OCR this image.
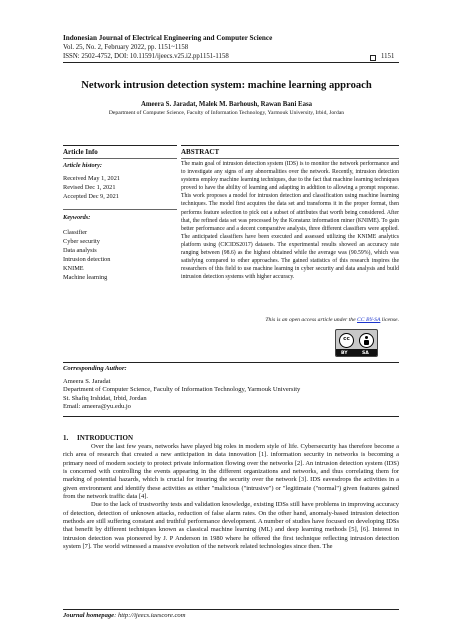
Indonesian Journal of Electrical Engineering and Computer Science
Vol. 25, No. 2, February 2022, pp. 1151~1158
ISSN: 2502-4752, DOI: 10.11591/ijeecs.v25.i2.pp1151-1158	1151
Network intrusion detection system: machine learning approach
Ameera S. Jaradat, Malek M. Barhoush, Rawan Bani Easa
Department of Computer Science, Faculty of Information Technology, Yarmouk University, Irbid, Jordan
Article Info
Article history:
Received May 1, 2021
Revised Dec 1, 2021
Accepted Dec 9, 2021
Keywords:
Classifier
Cyber security
Data analysis
Intrusion detection
KNIME
Machine learning
ABSTRACT
The main goal of intrusion detection system (IDS) is to monitor the network performance and to investigate any signs of any abnormalities over the network. Recently, intrusion detection systems employ machine learning techniques, due to the fact that machine learning techniques proved to have the ability of learning and adapting in addition to allowing a prompt response. This work proposes a model for intrusion detection and classification using machine learning techniques. The model first acquires the data set and transforms it in the proper format, then performs feature selection to pick out a subset of attributes that worth being considered. After that, the refined data set was processed by the Konstanz information miner (KNIME). To gain better performance and a decent comparative analysis, three different classifiers were applied. The anticipated classifiers have been executed and assessed utilizing the KNIME analytics platform using (CICIDS2017) datasets. The experimental results showed an accuracy rate ranging between (98.6) as the highest obtained while the average was (90.59%), which was satisfying compared to other approaches. The gained statistics of this research inspires the researchers of this field to use machine learning in cyber security and data analysis and build intrusion detection systems with higher accuracy.
This is an open access article under the CC BY-SA license.
cc
BY	SA
Corresponding Author:
Ameera S. Jaradat
Department of Computer Science, Faculty of Information Technology, Yarmouk University
St. Shafiq Irshidat, Irbid, Jordan
Email: ameera@yu.edu.jo
1.     INTRODUCTION

Over the last few years, networks have played big roles in modern style of life. Cybersecurity has therefore become a rich area of research that created a new anticipation in data innovation [1]. information security in networks is becoming a primary need of modern society to protect private information flowing over the networks [2]. An intrusion detection system (IDS) is concerned with controlling the events appearing in the different organizations and networks, and thus correlating them for marking of potential hazards, which is crucial for insuring the security over the network [3]. IDS eavesdrops the activities in a given environment and identify these activities as either "malicious ("intrusive") or "legitimate ("normal") given features gained from the network traffic data [4].

Due to the lack of trustworthy tests and validation knowledge, existing IDSs still have problems in improving accuracy of detection, detection of unknown attacks, reduction of false alarm rates. On the other hand, anomaly-based intrusion detection methods are still suffering constant and truthful performance development. A number of studies have focused on developing IDSs that benefit by different techniques known as classical machine learning (ML) and deep learning methods [5], [6]. Interest in intrusion detection was pioneered by J. P Anderson in 1980 where he offered the first technique reflecting intrusion detection system [7]. The world witnessed a massive evolution of the network related technologies since then. The

Journal homepage: http://ijeecs.iaescore.com
